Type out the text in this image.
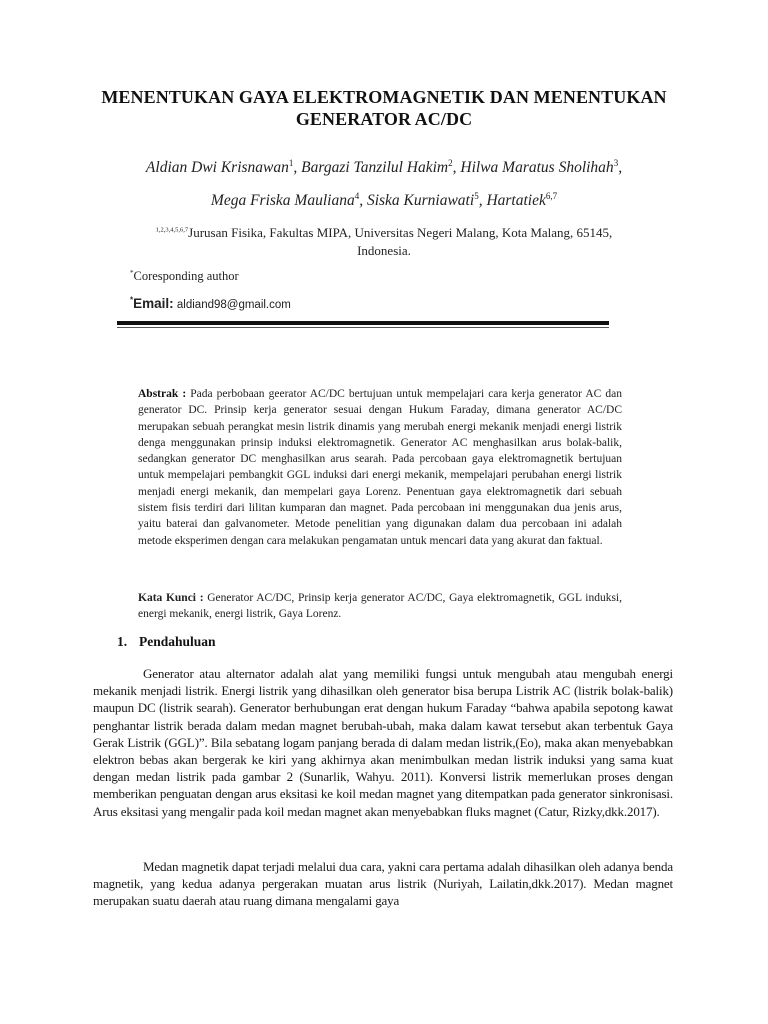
MENENTUKAN GAYA ELEKTROMAGNETIK DAN MENENTUKAN
GENERATOR AC/DC
Aldian Dwi Krisnawan$^1$, Bargazi Tanzilul Hakim$^2$, Hilwa Maratus Sholihah$^3$,
Mega Friska Mauliana$^4$, Siska Kurniawati$^5$, Hartatiek$^{6,7}$
$^{1,2,3,4,5,6,7}$Jurusan Fisika, Fakultas MIPA, Universitas Negeri Malang, Kota Malang, 65145,
Indonesia.
*Coresponding author
*Email: aldiand98@gmail.com
Abstrak : Pada perbobaan geerator AC/DC bertujuan untuk mempelajari cara kerja generator AC dan generator DC. Prinsip kerja generator sesuai dengan Hukum Faraday, dimana generator AC/DC merupakan sebuah perangkat mesin listrik dinamis yang merubah energi mekanik menjadi energi listrik denga menggunakan prinsip induksi elektromagnetik. Generator AC menghasilkan arus bolak-balik, sedangkan generator DC menghasilkan arus searah. Pada percobaan gaya elektromagnetik bertujuan untuk mempelajari pembangkit GGL induksi dari energi mekanik, mempelajari perubahan energi listrik menjadi energi mekanik, dan mempelari gaya Lorenz. Penentuan gaya elektromagnetik dari sebuah sistem fisis terdiri dari lilitan kumparan dan magnet. Pada percobaan ini menggunakan dua jenis arus, yaitu baterai dan galvanometer. Metode penelitian yang digunakan dalam dua percobaan ini adalah metode eksperimen dengan cara melakukan pengamatan untuk mencari data yang akurat dan faktual.
Kata Kunci : Generator AC/DC, Prinsip kerja generator AC/DC, Gaya elektromagnetik, GGL induksi, energi mekanik, energi listrik, Gaya Lorenz.
1. Pendahuluan
Generator atau alternator adalah alat yang memiliki fungsi untuk mengubah atau mengubah energi mekanik menjadi listrik. Energi listrik yang dihasilkan oleh generator bisa berupa Listrik AC (listrik bolak-balik) maupun DC (listrik searah). Generator berhubungan erat dengan hukum Faraday “bahwa apabila sepotong kawat penghantar listrik berada dalam medan magnet berubah-ubah, maka dalam kawat tersebut akan terbentuk Gaya Gerak Listrik (GGL)”. Bila sebatang logam panjang berada di dalam medan listrik,(Eo), maka akan menyebabkan elektron bebas akan bergerak ke kiri yang akhirnya akan menimbulkan medan listrik induksi yang sama kuat dengan medan listrik pada gambar 2 (Sunarlik, Wahyu. 2011). Konversi listrik memerlukan proses dengan memberikan penguatan dengan arus eksitasi ke koil medan magnet yang ditempatkan pada generator sinkronisasi. Arus eksitasi yang mengalir pada koil medan magnet akan menyebabkan fluks magnet (Catur, Rizky,dkk.2017).
Medan magnetik dapat terjadi melalui dua cara, yakni cara pertama adalah dihasilkan oleh adanya benda magnetik, yang kedua adanya pergerakan muatan arus listrik (Nuriyah, Lailatin,dkk.2017). Medan magnet merupakan suatu daerah atau ruang dimana mengalami gaya
